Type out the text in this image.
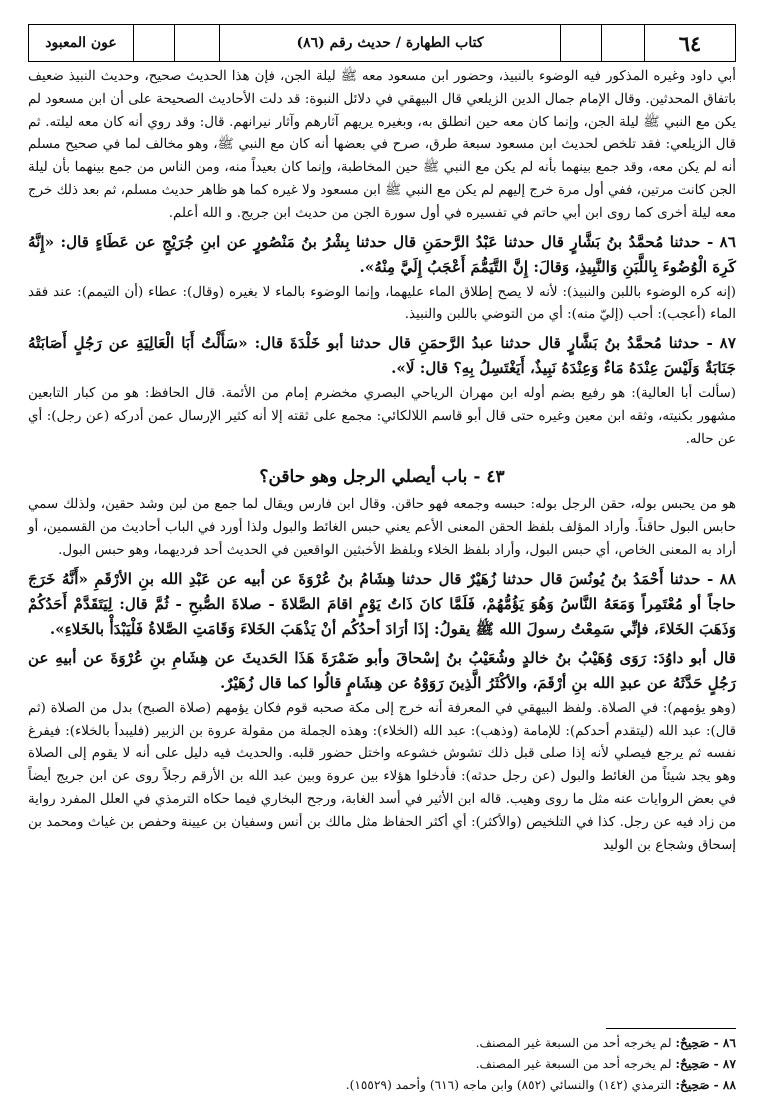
٦٤
كتاب الطهارة / حديث رقم (٨٦)
عون المعبود

أبي داود وغيره المذكور فيه الوضوء بالنبيذ، وحضور ابن مسعود معه ﷺ ليلة الجن، فإن هذا الحديث صحيح، وحديث النبيذ ضعيف باتفاق المحدثين. وقال الإمام جمال الدين الزيلعي قال البيهقي في دلائل النبوة: قد دلت الأحاديث الصحيحة على أن ابن مسعود لم يكن مع النبي ﷺ ليلة الجن، وإنما كان معه حين انطلق به، وبغيره يريهم آثارهم وآثار نيرانهم. قال: وقد روي أنه كان معه ليلته. ثم قال الزيلعي: فقد تلخص لحديث ابن مسعود سبعة طرق، صرح في بعضها أنه كان مع النبي ﷺ، وهو مخالف لما في صحيح مسلم أنه لم يكن معه، وقد جمع بينهما بأنه لم يكن مع النبي ﷺ حين المخاطبة، وإنما كان بعيداً منه، ومن الناس من جمع بينهما بأن ليلة الجن كانت مرتين، ففي أول مرة خرج إليهم لم يكن مع النبي ﷺ ابن مسعود ولا غيره كما هو ظاهر حديث مسلم، ثم بعد ذلك خرج معه ليلة أخرى كما روى ابن أبي حاتم في تفسيره في أول سورة الجن من حديث ابن جريج. و الله أعلم.

٨٦ - حدثنا مُحمَّدُ بنُ بَشَّارٍ قال حدثنا عَبْدُ الرَّحمَنِ قال حدثنا بِشْرُ بنُ مَنْصُورٍ عن ابنِ جُرَيْجٍ عن عَطَاءٍ قال: «إِنَّهُ كَرِهَ الْوُضُوءَ بِاللَّبَنِ وَالنَّبِيذِ، وَقالَ: إِنَّ التَّيَمُّمَ أَعْجَبُ إِلَيَّ مِنْهُ».

(إنه كره الوضوء باللبن والنبيذ): لأنه لا يصح إطلاق الماء عليهما، وإنما الوضوء بالماء لا بغيره (وقال): عطاء (أن التيمم): عند فقد الماء (أعجب): أحب (إليّ منه): أي من التوضي باللبن والنبيذ.

٨٧ - حدثنا مُحمَّدُ بنُ بَشَّارٍ قال حدثنا عبدُ الرَّحمَنِ قال حدثنا أبو خَلْدَةَ قال: «سَأَلْتُ أَبَا الْعَالِيَةِ عن رَجُلٍ أَصَابَتْهُ جَنَابَةٌ وَلَيْسَ عِنْدَهُ مَاءٌ وَعِنْدَهُ نَبِيذٌ، أَيَغْتَسِلُ بِهِ؟ قال: لَا».

(سألت أبا العالية): هو رفيع بضم أوله ابن مهران الرياحي البصري مخضرم إمام من الأئمة. قال الحافظ: هو من كبار التابعين مشهور بكنيته، وثقه ابن معين وغيره حتى قال أبو قاسم اللالكائي: مجمع على ثقته إلا أنه كثير الإرسال عمن أدركه (عن رجل): أي عن حاله.

٤٣ - باب أيصلي الرجل وهو حاقن؟

هو من يحبس بوله، حقن الرجل بوله: حبسه وجمعه فهو حاقن. وقال ابن فارس ويقال لما جمع من لبن وشد حقين، ولذلك سمي حابس البول حاقناً. وأراد المؤلف بلفظ الحقن المعنى الأعم يعني حبس الغائط والبول ولذا أورد في الباب أحاديث من القسمين، أو أراد به المعنى الخاص، أي حبس البول، وأراد بلفظ الخلاء وبلفظ الأخبثين الواقعين في الحديث أحد فرديهما، وهو حبس البول.

٨٨ - حدثنا أَحْمَدُ بنُ يُونُسَ قال حدثنا زُهَيْرٌ قال حدثنا هِشَامُ بنُ عُرْوَةَ عن أبيه عن عَبْدِ الله بنِ الأرْقَمِ «أَنَّهُ خَرَجَ حاجاً أو مُعْتَمِراً وَمَعَهُ النَّاسُ وَهُوَ يَؤُمُّهُمْ، فَلَمَّا كانَ ذَاتُ يَوْمٍ اقامَ الصَّلاةَ - صلاةَ الصُّبحِ - ثُمَّ قال: لِيَتَقَدَّمْ أَحَدُكُمْ وَذَهَبَ الخَلاءَ، فإنِّي سَمِعْتُ رسولَ الله ﷺ يقولُ: إذَا أرَادَ أحدُكُم أنْ يَذْهَبَ الخَلاءَ وَقَامَتِ الصَّلاةُ فَلْيَبْدَأْ بالخَلاءِ».

قال أبو داوُدَ: رَوَى وُهَيْبُ بنُ خالدٍ وشُعَيْبُ بنُ إسْحاقَ وأبو ضَمْرَةَ هَذَا الحَديثَ عن هِشَامِ بنِ عُرْوَةَ عن أبيهِ عن رَجُلٍ حَدَّثَهُ عن عبدِ الله بنِ أرْقَمَ، والأكْثَرُ الَّذِينَ رَوَوْهُ عن هِشَامٍ قالُوا كما قال زُهَيْرٌ.

(وهو يؤمهم): في الصلاة. ولفظ البيهقي في المعرفة أنه خرج إلى مكة صحبه قوم فكان يؤمهم (صلاة الصبح) بدل من الصلاة (ثم قال): عبد الله (ليتقدم أحدكم): للإمامة (وذهب): عبد الله (الخلاء): وهذه الجملة من مقولة عروة بن الزبير (فليبدأ بالخلاء): فيفرغ نفسه ثم يرجع فيصلي لأنه إذا صلى قبل ذلك تشوش خشوعه واختل حضور قلبه. والحديث فيه دليل على أنه لا يقوم إلى الصلاة وهو يجد شيئاً من الغائط والبول (عن رجل حدثه): فأدخلوا هؤلاء بين عروة وبين عبد الله بن الأرقم رجلاً روى عن ابن جريج أيضاً في بعض الروايات عنه مثل ما روى وهيب. قاله ابن الأثير في أسد الغابة، ورجح البخاري فيما حكاه الترمذي في العلل المفرد رواية من زاد فيه عن رجل. كذا في التلخيص (والأكثر): أي أكثر الحفاظ مثل مالك بن أنس وسفيان بن عيينة وحفص بن غياث ومحمد بن إسحاق وشجاع بن الوليد

٨٦ - صَحِيحٌ: لم يخرجه أحد من السبعة غير المصنف.
٨٧ - صَحِيحٌ: لم يخرجه أحد من السبعة غير المصنف.
٨٨ - صَحِيحٌ: الترمذي (١٤٢) والنسائي (٨٥٢) وابن ماجه (٦١٦) وأحمد (١٥٥٢٩).
